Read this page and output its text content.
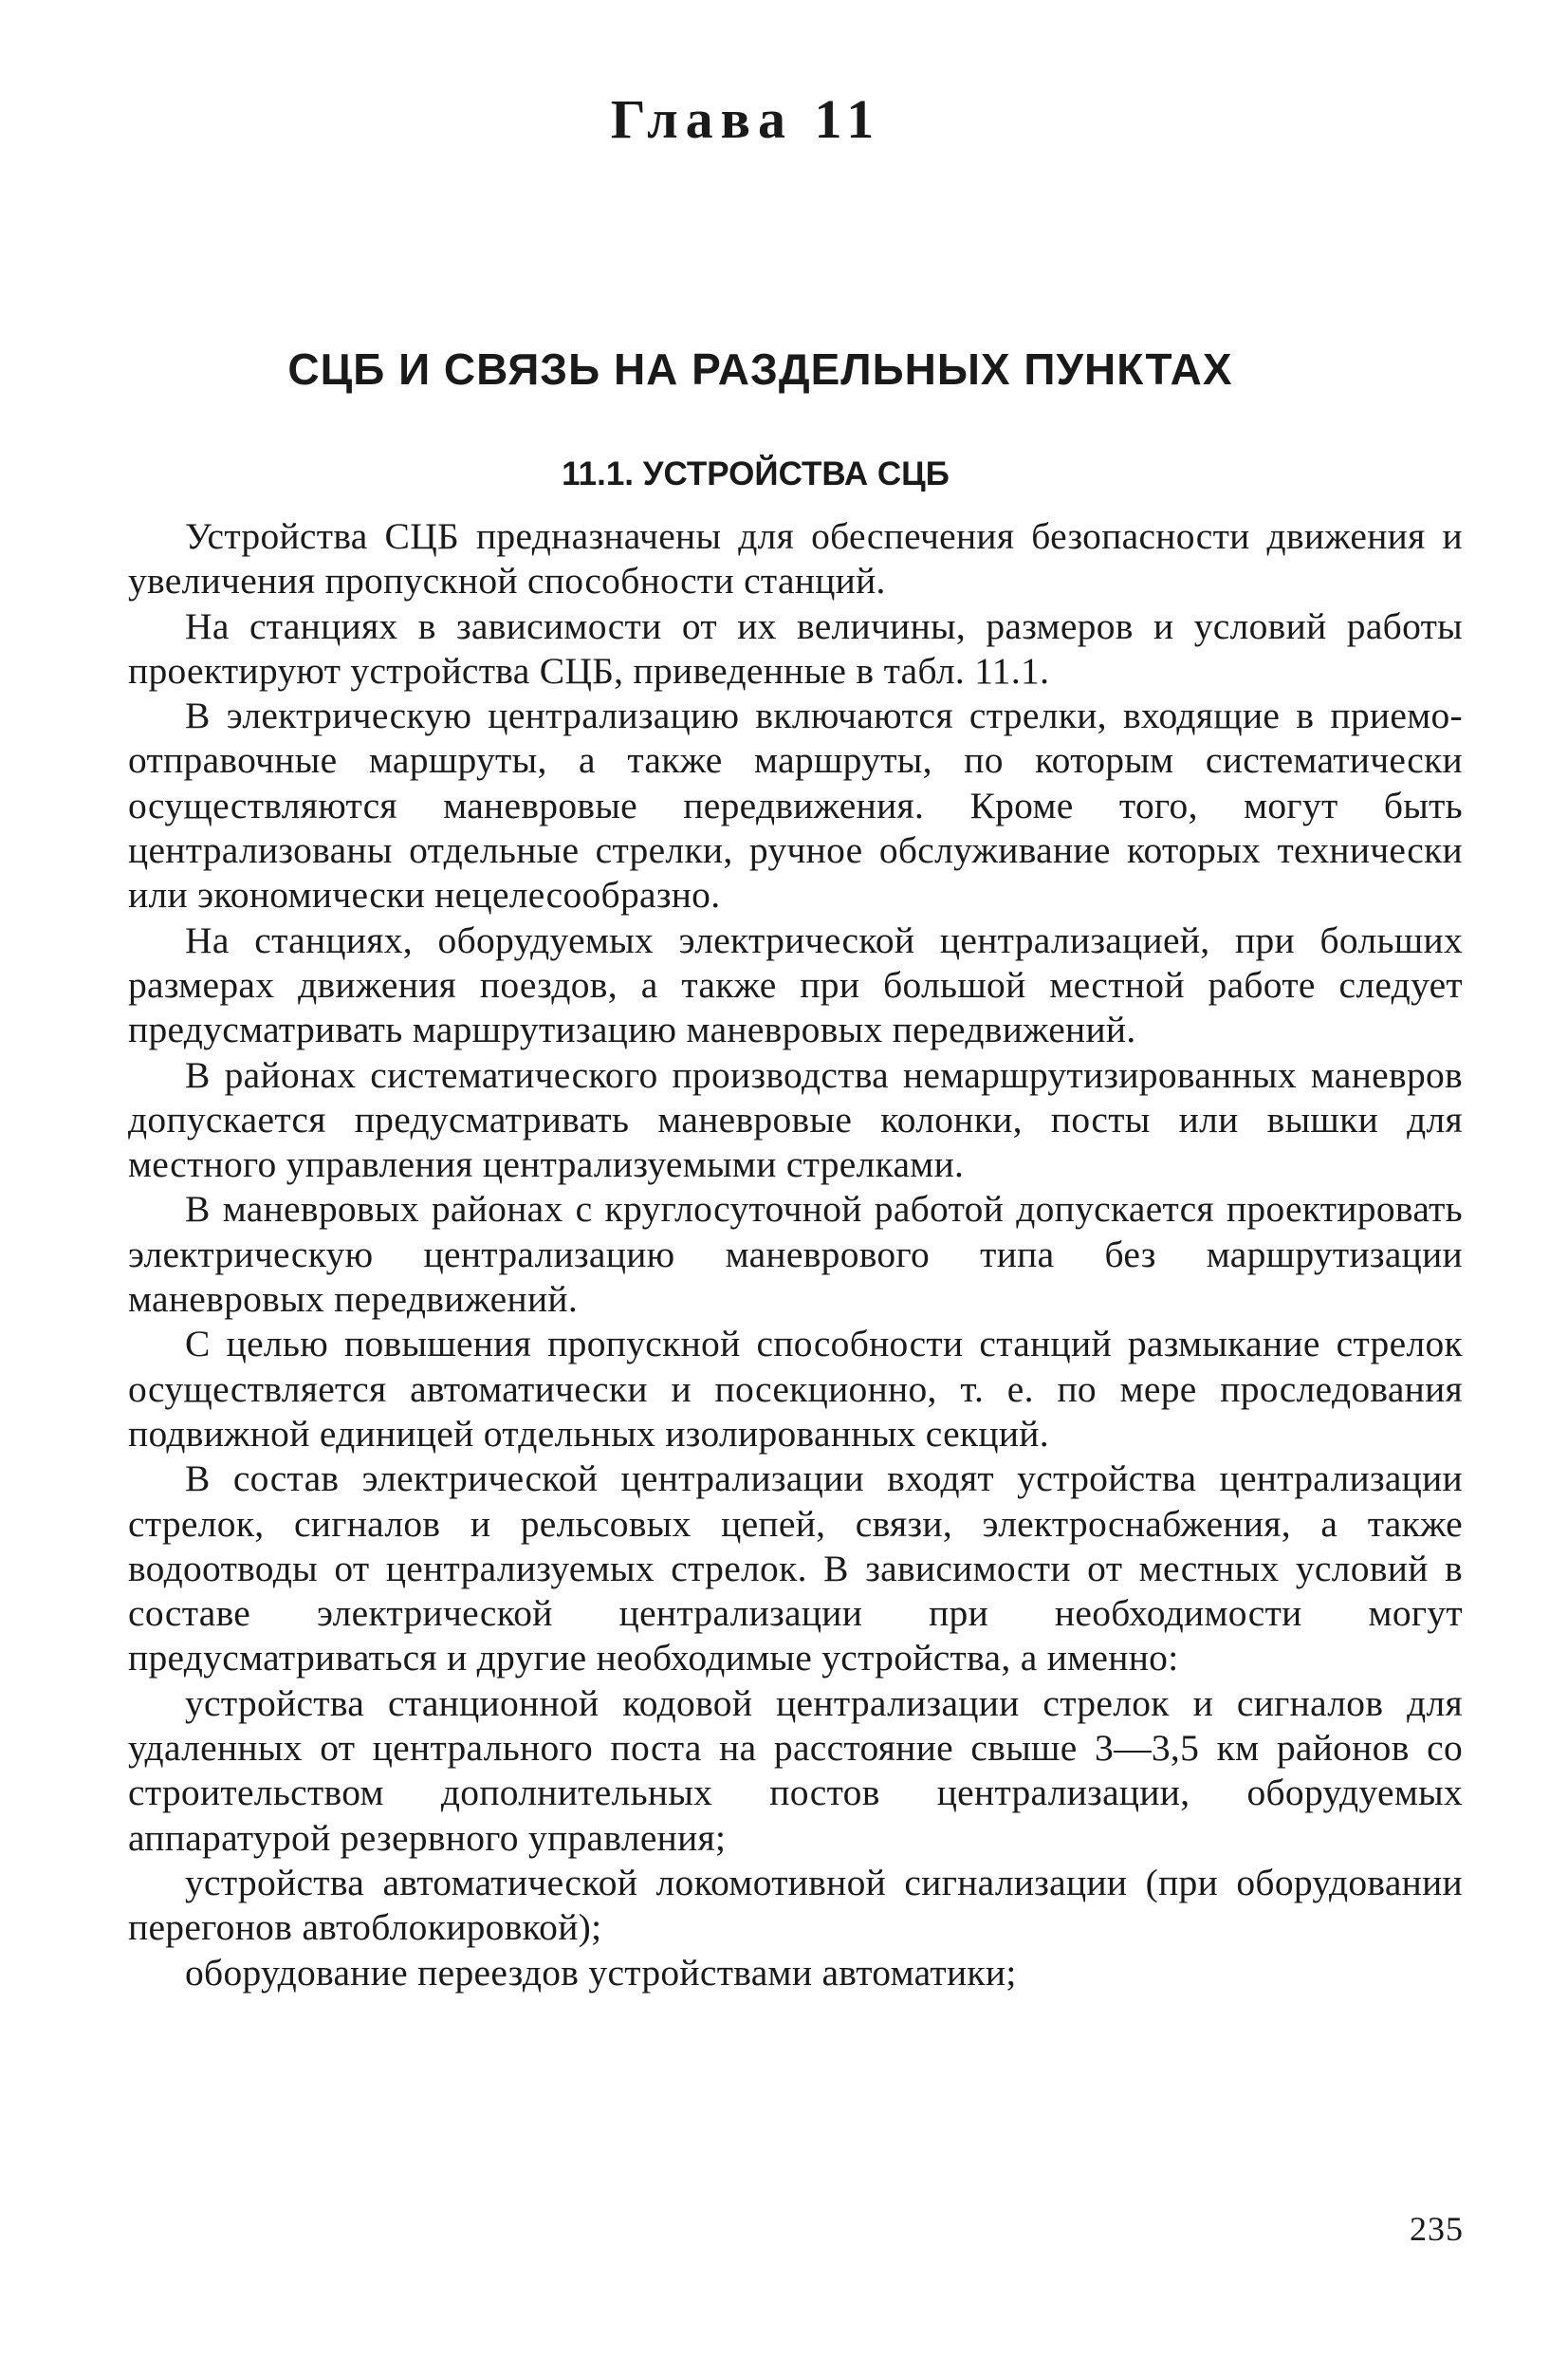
Глава 11
СЦБ И СВЯЗЬ НА РАЗДЕЛЬНЫХ ПУНКТАХ
11.1. УСТРОЙСТВА СЦБ

Устройства СЦБ предназначены для обеспечения безопасности движения и увеличения пропускной способности станций.

На станциях в зависимости от их величины, размеров и условий работы проектируют устройства СЦБ, приведенные в табл. 11.1.

В электрическую централизацию включаются стрелки, входящие в приемо-отправочные маршруты, а также маршруты, по которым систематически осуществляются маневровые передвижения. Кроме того, могут быть централизованы отдельные стрелки, ручное обслуживание которых технически или экономически нецелесообразно.

На станциях, оборудуемых электрической централизацией, при больших размерах движения поездов, а также при большой местной работе следует предусматривать маршрутизацию маневровых передвижений.

В районах систематического производства немаршрутизированных маневров допускается предусматривать маневровые колонки, посты или вышки для местного управления централизуемыми стрелками.

В маневровых районах с круглосуточной работой допускается проектировать электрическую централизацию маневрового типа без маршрутизации маневровых передвижений.

С целью повышения пропускной способности станций размыкание стрелок осуществляется автоматически и посекционно, т. е. по мере проследования подвижной единицей отдельных изолированных секций.

В состав электрической централизации входят устройства централизации стрелок, сигналов и рельсовых цепей, связи, электроснабжения, а также водоотводы от централизуемых стрелок. В зависимости от местных условий в составе электрической централизации при необходимости могут предусматриваться и другие необходимые устройства, а именно:

устройства станционной кодовой централизации стрелок и сигналов для удаленных от центрального поста на расстояние свыше 3—3,5 км районов со строительством дополнительных постов централизации, оборудуемых аппаратурой резервного управления;

устройства автоматической локомотивной сигнализации (при оборудовании перегонов автоблокировкой);

оборудование переездов устройствами автоматики;

235
